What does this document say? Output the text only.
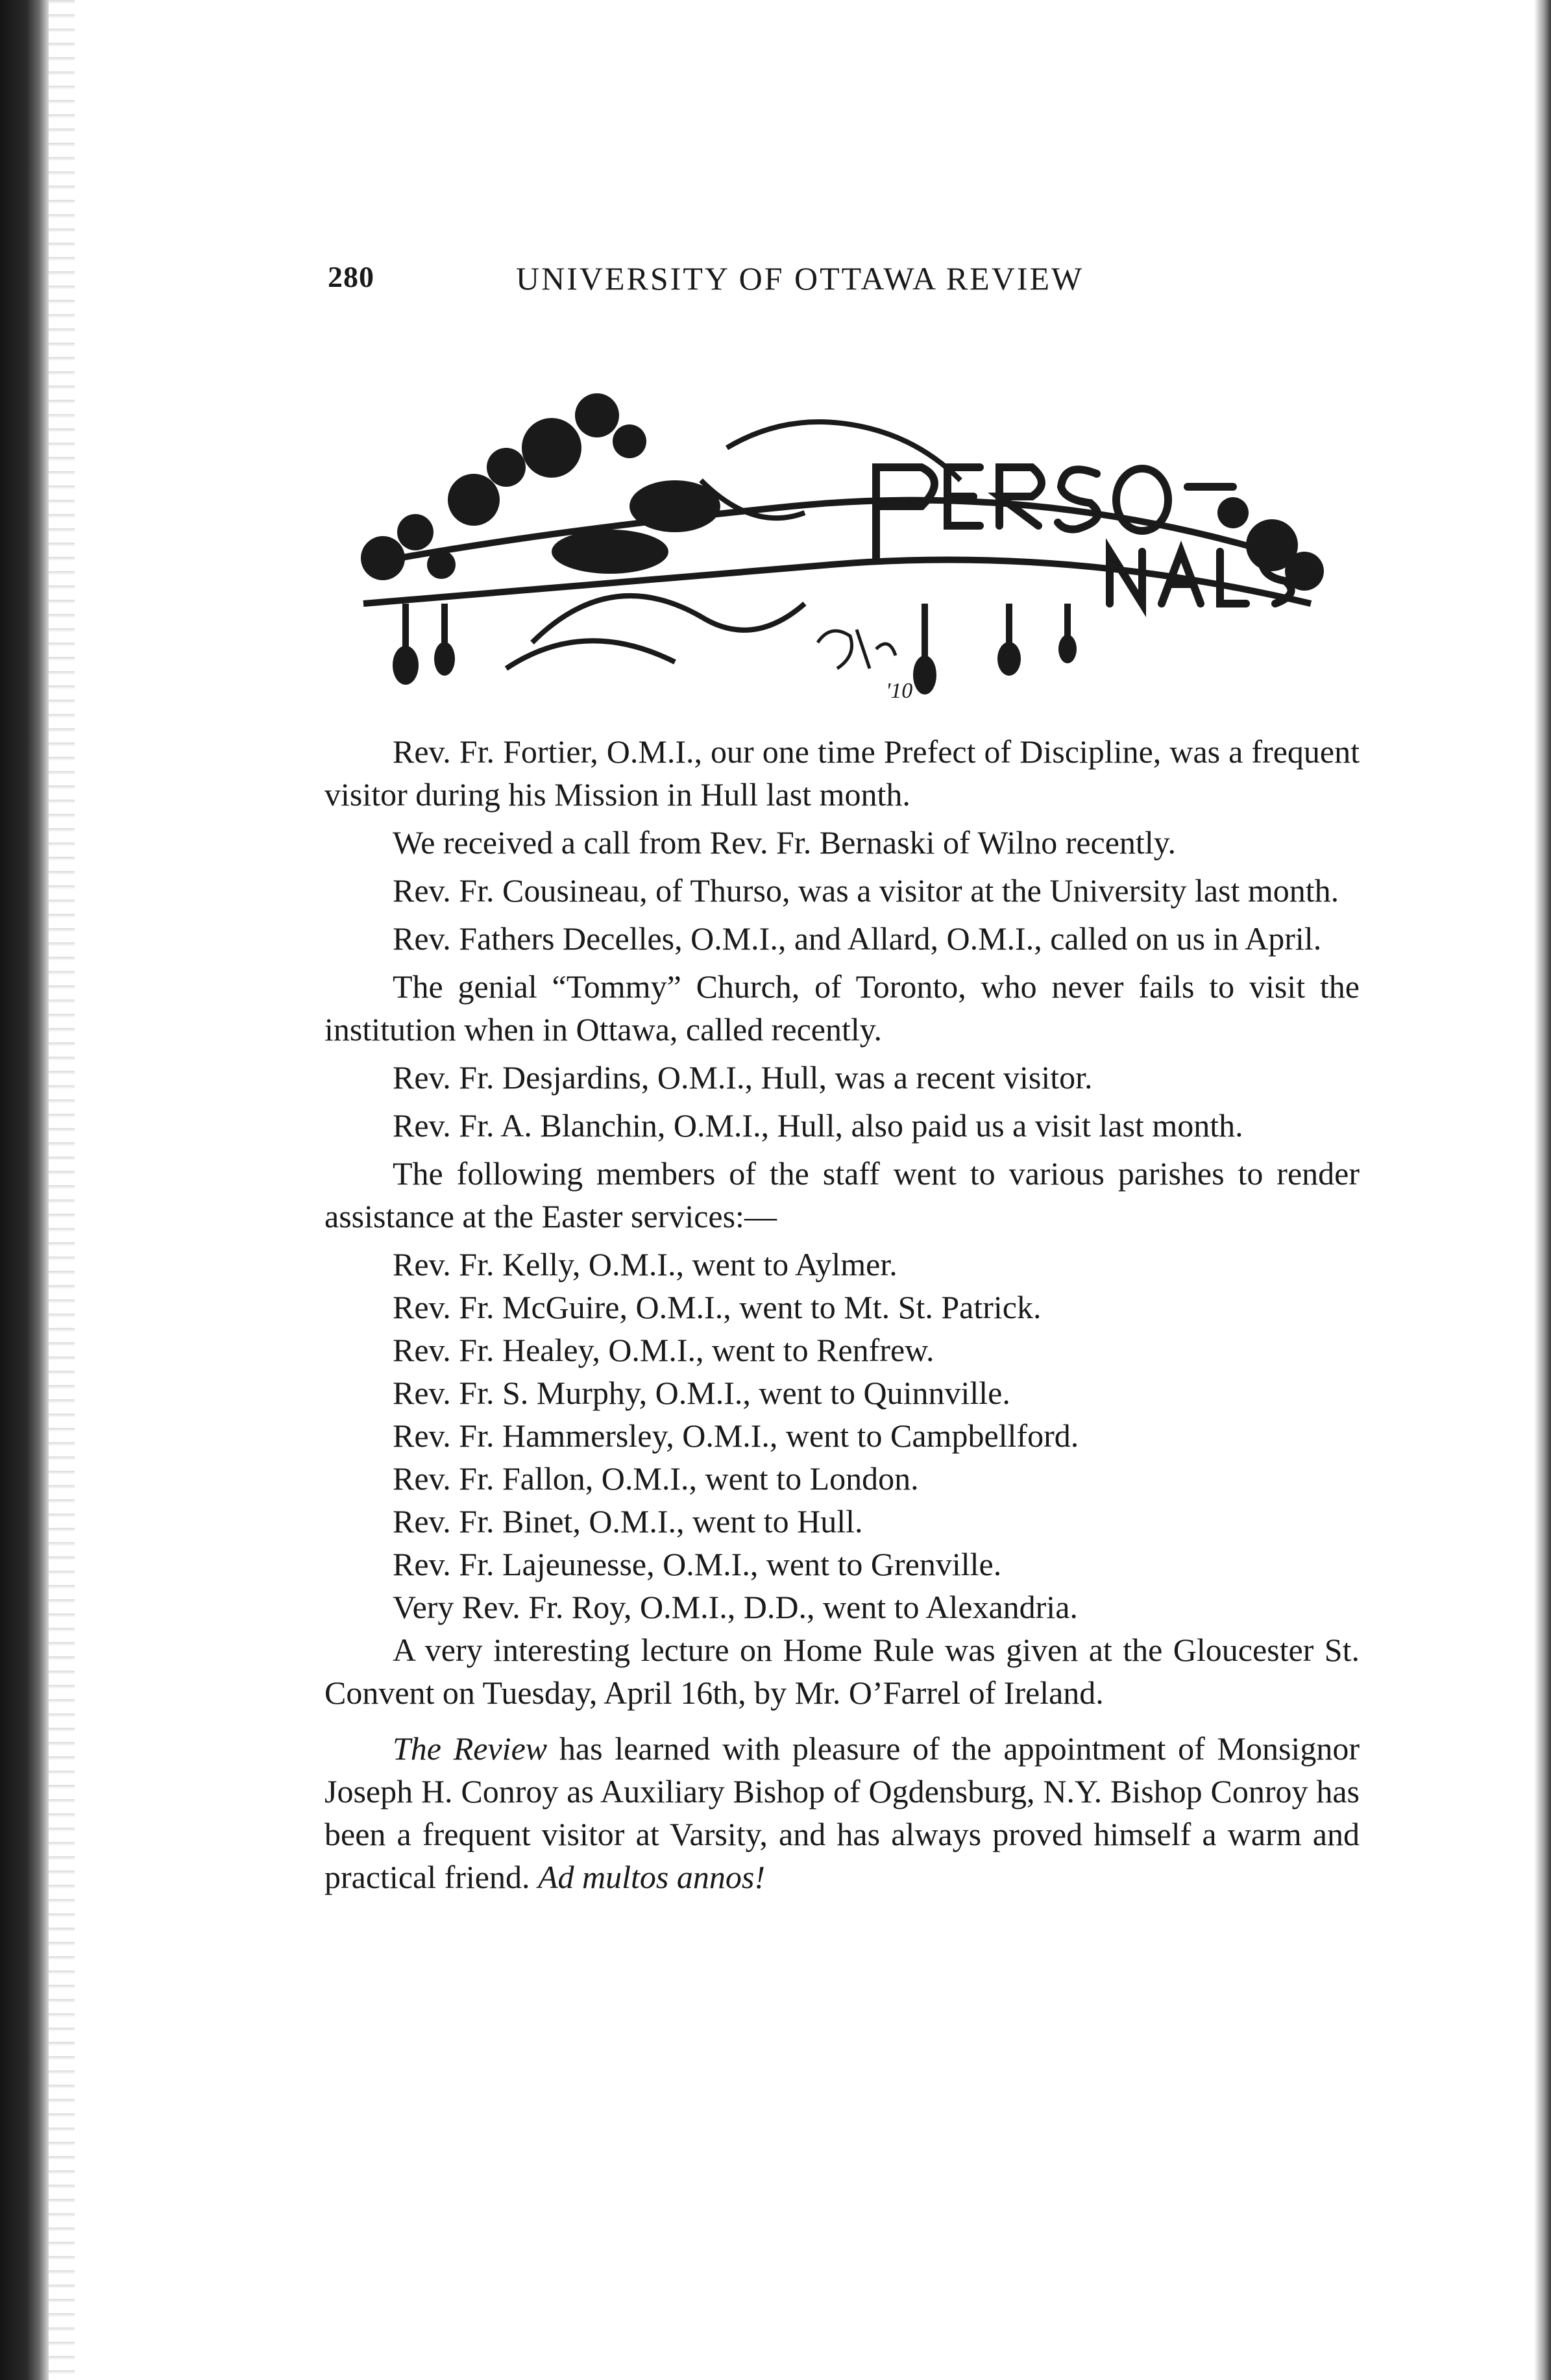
280	UNIVERSITY OF OTTAWA REVIEW
'10

Rev. Fr. Fortier, O.M.I., our one time Prefect of Discipline, was a frequent visitor during his Mission in Hull last month.

We received a call from Rev. Fr. Bernaski of Wilno recently.

Rev. Fr. Cousineau, of Thurso, was a visitor at the University last month.

Rev. Fathers Decelles, O.M.I., and Allard, O.M.I., called on us in April.

The genial “Tommy” Church, of Toronto, who never fails to visit the institution when in Ottawa, called recently.

Rev. Fr. Desjardins, O.M.I., Hull, was a recent visitor.

Rev. Fr. A. Blanchin, O.M.I., Hull, also paid us a visit last month.

The following members of the staff went to various parishes to render assistance at the Easter services:—

Rev. Fr. Kelly, O.M.I., went to Aylmer.

Rev. Fr. McGuire, O.M.I., went to Mt. St. Patrick.

Rev. Fr. Healey, O.M.I., went to Renfrew.

Rev. Fr. S. Murphy, O.M.I., went to Quinnville.

Rev. Fr. Hammersley, O.M.I., went to Campbellford.

Rev. Fr. Fallon, O.M.I., went to London.

Rev. Fr. Binet, O.M.I., went to Hull.

Rev. Fr. Lajeunesse, O.M.I., went to Grenville.

Very Rev. Fr. Roy, O.M.I., D.D., went to Alexandria.

A very interesting lecture on Home Rule was given at the Gloucester St. Convent on Tuesday, April 16th, by Mr. O’Farrel of Ireland.

The Review has learned with pleasure of the appointment of Monsignor Joseph H. Conroy as Auxiliary Bishop of Ogdensburg, N.Y. Bishop Conroy has been a frequent visitor at Varsity, and has always proved himself a warm and practical friend. Ad multos annos!
